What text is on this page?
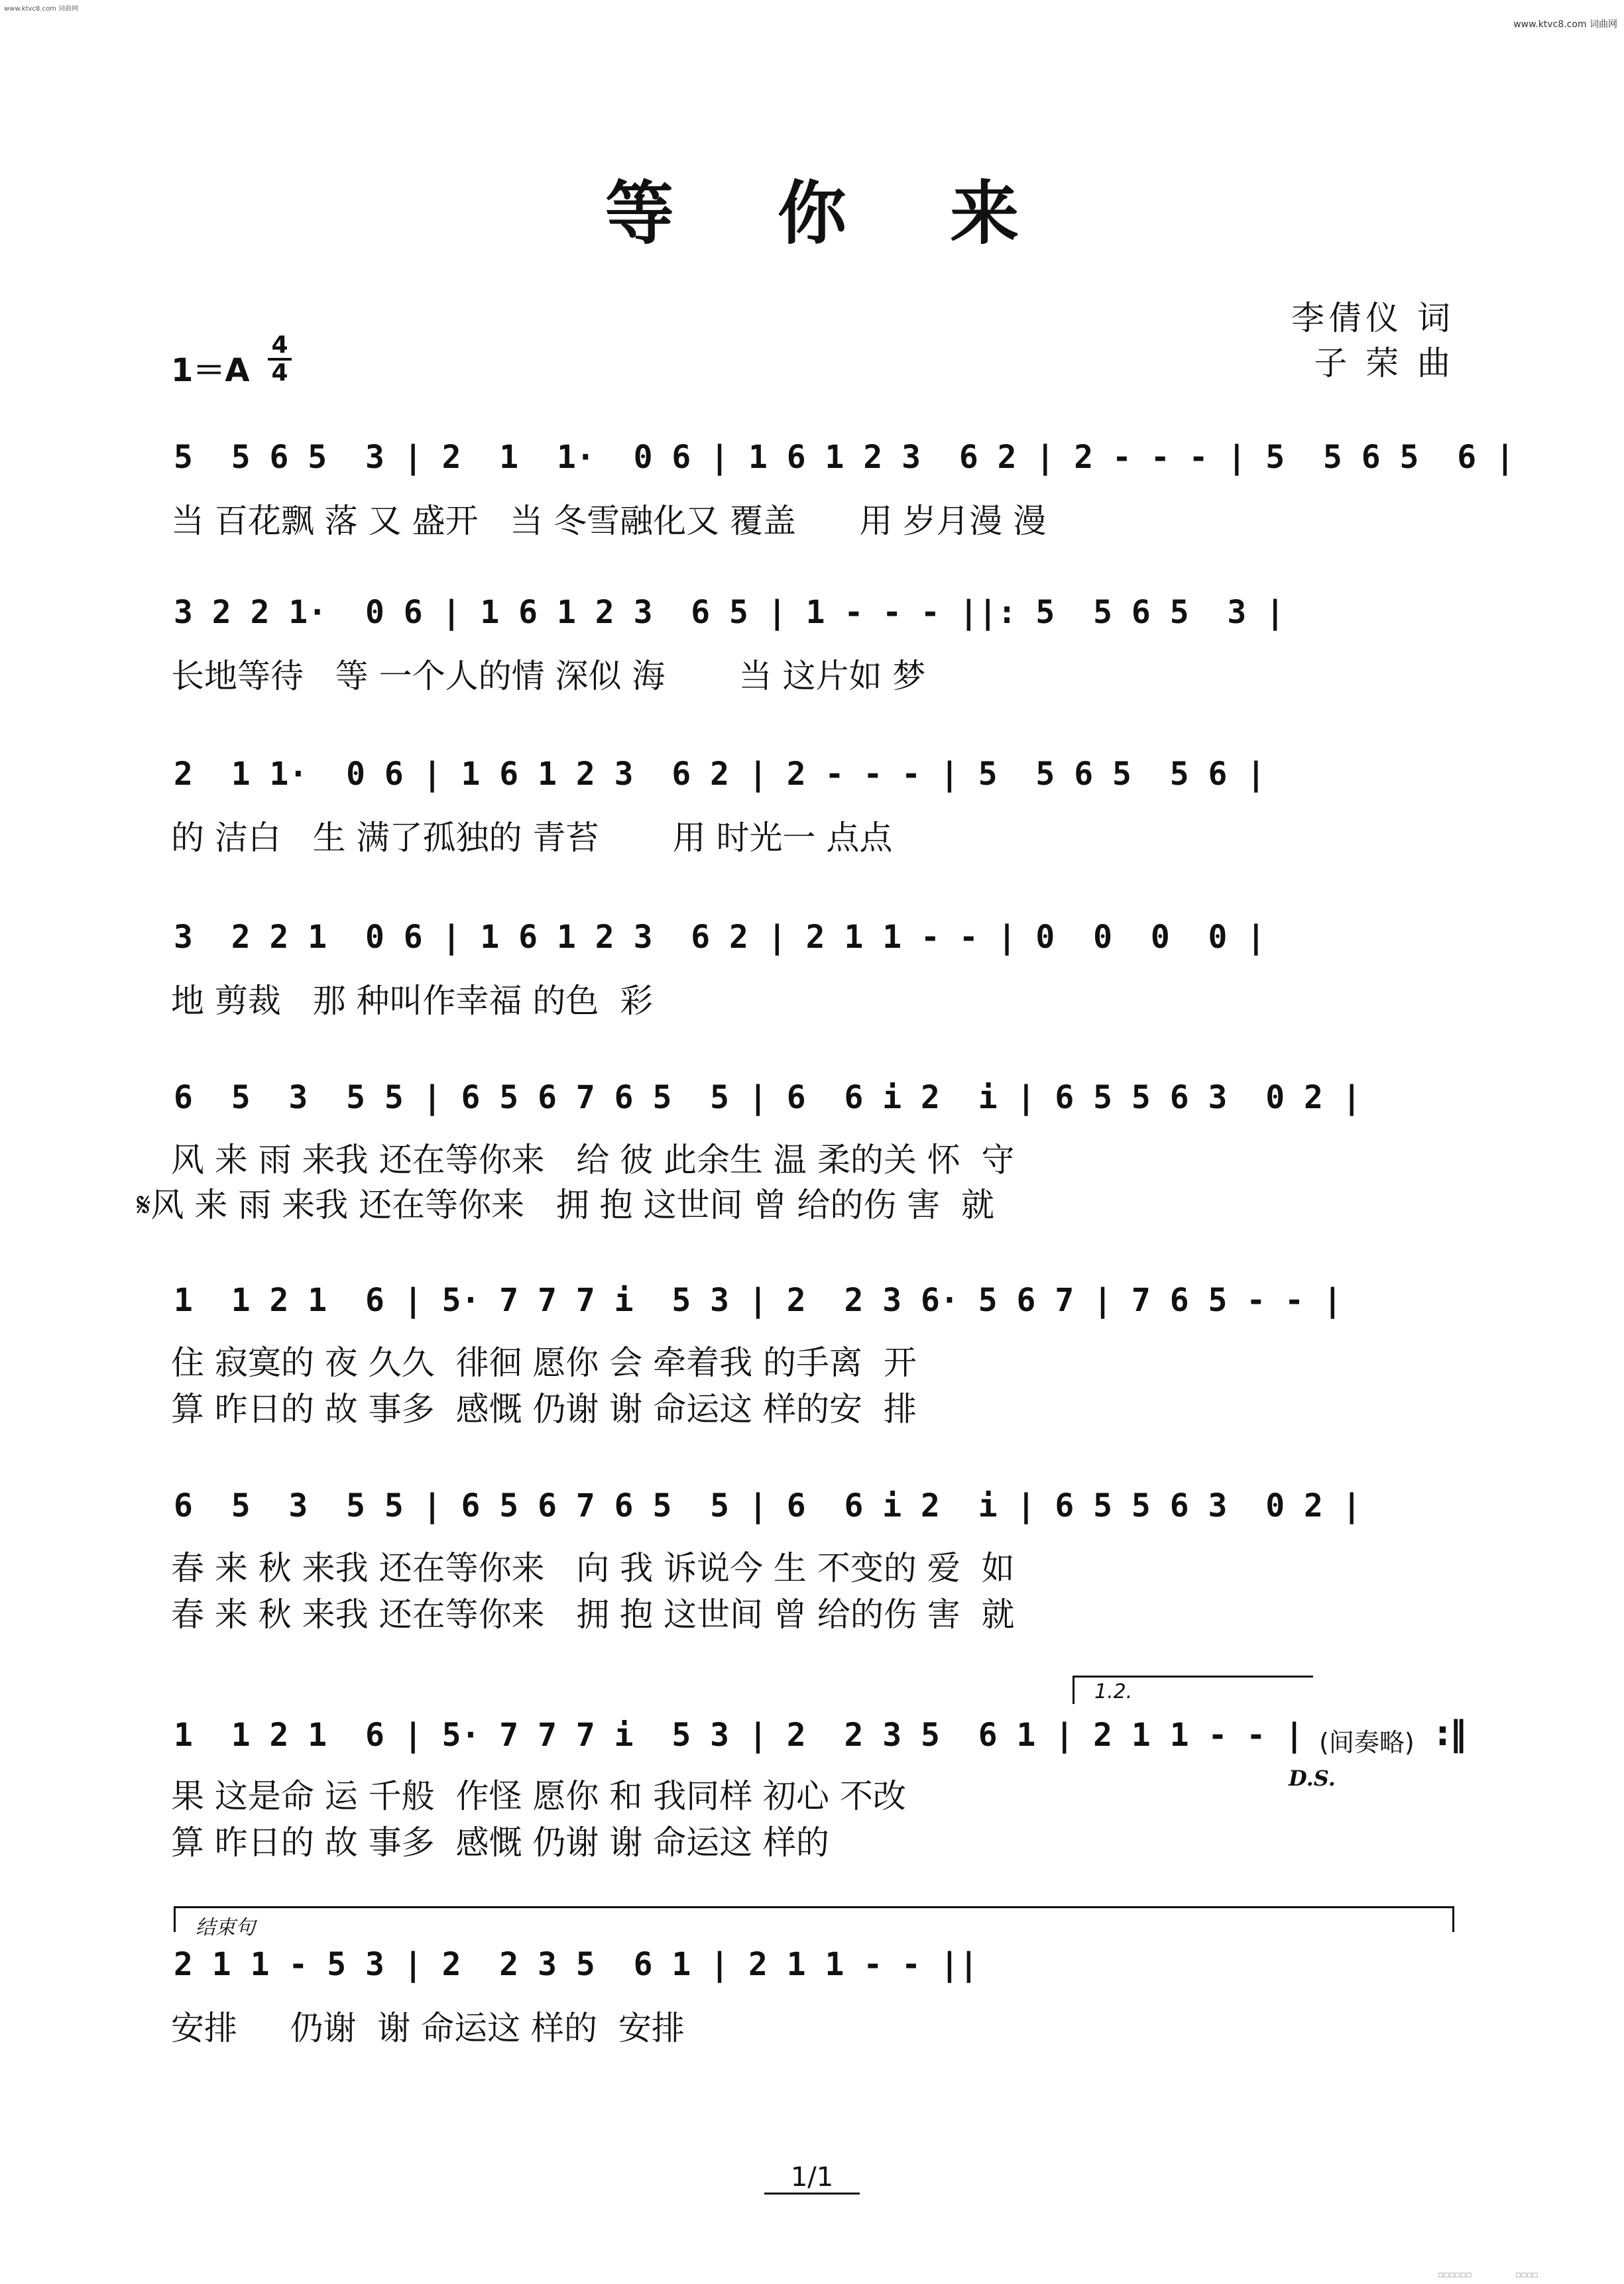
www.ktvc8.com 词曲网
www.ktvc8.com 词曲网
等 你 来
李倩仪 词
子 荣 曲
1＝A
4
4
5  5 6 5  3 | 2  1  1·  0 6 | 1 6 1 2 3  6 2 | 2 - - - | 5  5 6 5  6 |
当 百花飘 落 又 盛开   当 冬雪融化又 覆盖      用 岁月漫 漫
3 2 2 1·  0 6 | 1 6 1 2 3  6 5 | 1 - - - ||: 5  5 6 5  3 |
长地等待   等 一个人的情 深似 海       当 这片如 梦
2  1 1·  0 6 | 1 6 1 2 3  6 2 | 2 - - - | 5  5 6 5  5 6 |
的 洁白   生 满了孤独的 青苔       用 时光一 点点
3  2 2 1  0 6 | 1 6 1 2 3  6 2 | 2 1 1 - - | 0  0  0  0 |
地 剪裁   那 种叫作幸福 的色  彩
6  5  3  5 5 | 6 5 6 7 6 5  5 | 6  6 i 2  i | 6 5 5 6 3  0 2 |
风 来 雨 来我 还在等你来   给 彼 此余生 温 柔的关 怀  守
𝄋风 来 雨 来我 还在等你来   拥 抱 这世间 曾 给的伤 害  就
1  1 2 1  6 | 5· 7 7 7 i  5 3 | 2  2 3 6· 5 6 7 | 7 6 5 - - |
住 寂寞的 夜 久久  徘徊 愿你 会 牵着我 的手离  开
算 昨日的 故 事多  感慨 仍谢 谢 命运这 样的安  排
6  5  3  5 5 | 6 5 6 7 6 5  5 | 6  6 i 2  i | 6 5 5 6 3  0 2 |
春 来 秋 来我 还在等你来   向 我 诉说今 生 不变的 爱  如
春 来 秋 来我 还在等你来   拥 抱 这世间 曾 给的伤 害  就
1.2.
1  1 2 1  6 | 5· 7 7 7 i  5 3 | 2  2 3 5  6 1 | 2 1 1 - - | (间奏略) :‖
D.S.
果 这是命 运 千般  作怪 愿你 和 我同样 初心 不改
算 昨日的 故 事多  感慨 仍谢 谢 命运这 样的
结束句
2 1 1 - 5 3 | 2  2 3 5  6 1 | 2 1 1 - - ||
安排     仍谢  谢 命运这 样的  安排
1/1
□□□□□□	□□□□
